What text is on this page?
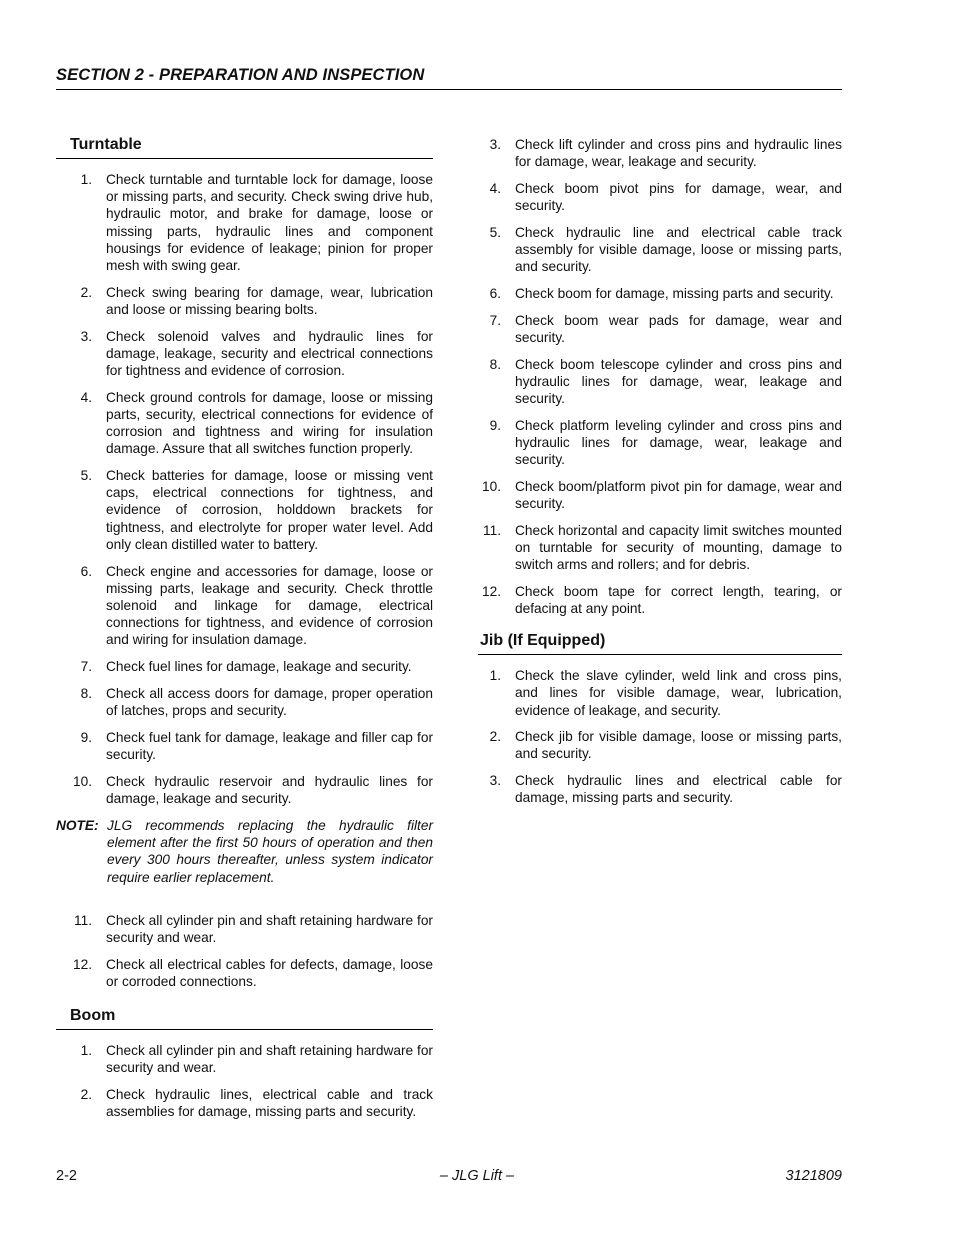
SECTION 2 - PREPARATION AND INSPECTION
Turntable
1.	Check turntable and turntable lock for damage, loose or missing parts, and security. Check swing drive hub, hydraulic motor, and brake for damage, loose or missing parts, hydraulic lines and component housings for evidence of leakage; pinion for proper mesh with swing gear.
2.	Check swing bearing for damage, wear, lubrication and loose or missing bearing bolts.
3.	Check solenoid valves and hydraulic lines for damage, leakage, security and electrical connections for tightness and evidence of corrosion.
4.	Check ground controls for damage, loose or missing parts, security, electrical connections for evidence of corrosion and tightness and wiring for insulation damage. Assure that all switches function properly.
5.	Check batteries for damage, loose or missing vent caps, electrical connections for tightness, and evidence of corrosion, holddown brackets for tightness, and electrolyte for proper water level. Add only clean distilled water to battery.
6.	Check engine and accessories for damage, loose or missing parts, leakage and security. Check throttle solenoid and linkage for damage, electrical connections for tightness, and evidence of corrosion and wiring for insulation damage.
7.	Check fuel lines for damage, leakage and security.
8.	Check all access doors for damage, proper operation of latches, props and security.
9.	Check fuel tank for damage, leakage and filler cap for security.
10.	Check hydraulic reservoir and hydraulic lines for damage, leakage and security.
NOTE: JLG recommends replacing the hydraulic filter element after the first 50 hours of operation and then every 300 hours thereafter, unless system indicator require earlier replacement.
11.	Check all cylinder pin and shaft retaining hardware for security and wear.
12.	Check all electrical cables for defects, damage, loose or corroded connections.
Boom
1.	Check all cylinder pin and shaft retaining hardware for security and wear.
2.	Check hydraulic lines, electrical cable and track assemblies for damage, missing parts and security.
3.	Check lift cylinder and cross pins and hydraulic lines for damage, wear, leakage and security.
4.	Check boom pivot pins for damage, wear, and security.
5.	Check hydraulic line and electrical cable track assembly for visible damage, loose or missing parts, and security.
6.	Check boom for damage, missing parts and security.
7.	Check boom wear pads for damage, wear and security.
8.	Check boom telescope cylinder and cross pins and hydraulic lines for damage, wear, leakage and security.
9.	Check platform leveling cylinder and cross pins and hydraulic lines for damage, wear, leakage and security.
10.	Check boom/platform pivot pin for damage, wear and security.
11.	Check horizontal and capacity limit switches mounted on turntable for security of mounting, damage to switch arms and rollers; and for debris.
12.	Check boom tape for correct length, tearing, or defacing at any point.
Jib (If Equipped)
1.	Check the slave cylinder, weld link and cross pins, and lines for visible damage, wear, lubrication, evidence of leakage, and security.
2.	Check jib for visible damage, loose or missing parts, and security.
3.	Check hydraulic lines and electrical cable for damage, missing parts and security.
2-2	– JLG Lift –	3121809
